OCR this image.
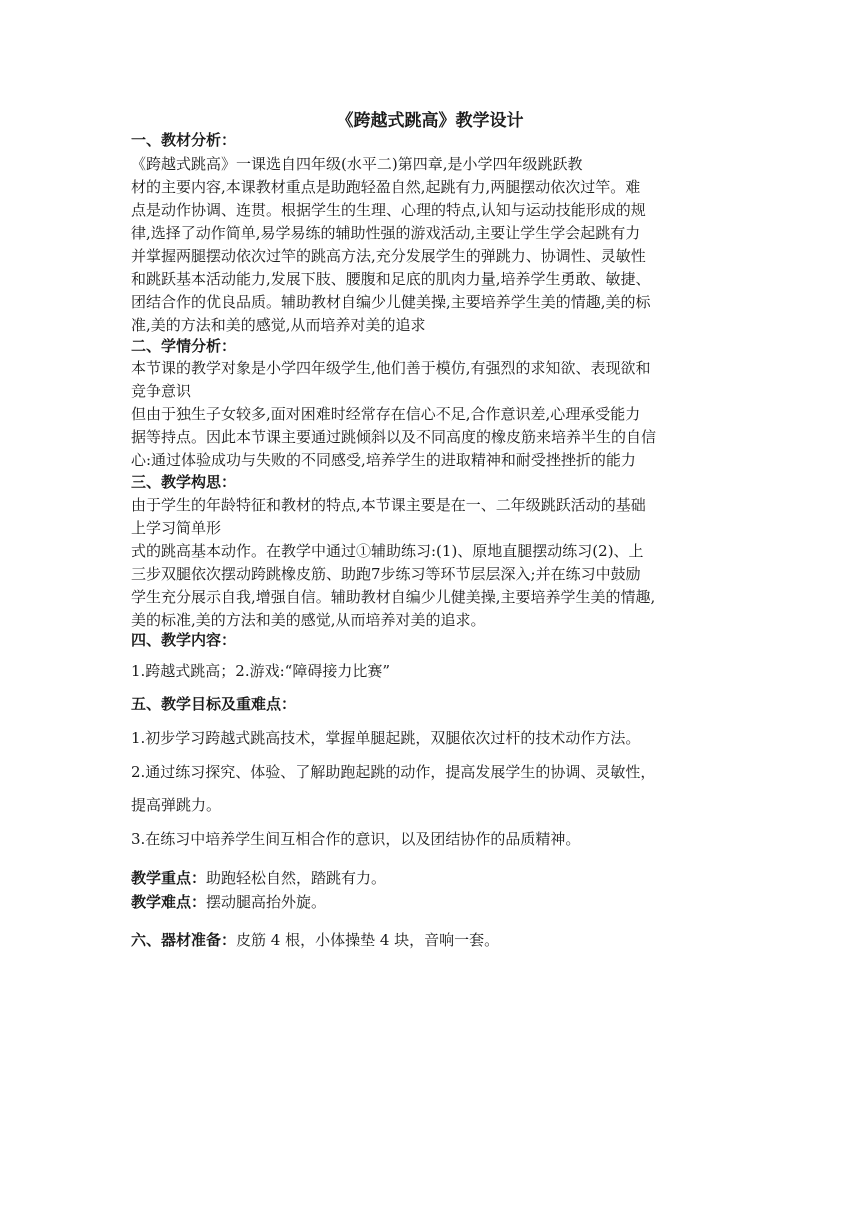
《跨越式跳高》教学设计
一、教材分析：
《跨越式跳高》一课选自四年级(水平二)第四章,是小学四年级跳跃教
材的主要内容,本课教材重点是助跑轻盈自然,起跳有力,两腿摆动依次过竿。难
点是动作协调、连贯。根据学生的生理、心理的特点,认知与运动技能形成的规
律,选择了动作简单,易学易练的辅助性强的游戏活动,主要让学生学会起跳有力
并掌握两腿摆动依次过竿的跳高方法,充分发展学生的弹跳力、协调性、灵敏性
和跳跃基本活动能力,发展下肢、腰腹和足底的肌肉力量,培养学生勇敢、敏捷、
团结合作的优良品质。辅助教材自编少儿健美操,主要培养学生美的情趣,美的标
准,美的方法和美的感觉,从而培养对美的追求
二、学情分析：
本节课的教学对象是小学四年级学生,他们善于模仿,有强烈的求知欲、表现欲和
竞争意识
但由于独生子女较多,面对困难时经常存在信心不足,合作意识差,心理承受能力
据等持点。因此本节课主要通过跳倾斜以及不同高度的橡皮筋来培养半生的自信
心:通过体验成功与失败的不同感受,培养学生的进取精神和耐受挫挫折的能力
三、教学构思：
由于学生的年龄特征和教材的特点,本节课主要是在一、二年级跳跃活动的基础
上学习简单形
式的跳高基本动作。在教学中通过①辅助练习:(1)、原地直腿摆动练习(2)、上
三步双腿依次摆动跨跳橡皮筋、助跑7步练习等环节层层深入;并在练习中鼓励
学生充分展示自我,增强自信。辅助教材自编少儿健美操,主要培养学生美的情趣,
美的标准,美的方法和美的感觉,从而培养对美的追求。
四、教学内容：
1.跨越式跳高；2.游戏:“障碍接力比赛”
五、教学目标及重难点：
1.初步学习跨越式跳高技术，掌握单腿起跳，双腿依次过杆的技术动作方法。
2.通过练习探究、体验、了解助跑起跳的动作，提高发展学生的协调、灵敏性，
提高弹跳力。
3.在练习中培养学生间互相合作的意识，以及团结协作的品质精神。
教学重点：助跑轻松自然，踏跳有力。
教学难点：摆动腿高抬外旋。
六、器材准备：皮筋 4 根，小体操垫 4 块，音响一套。
